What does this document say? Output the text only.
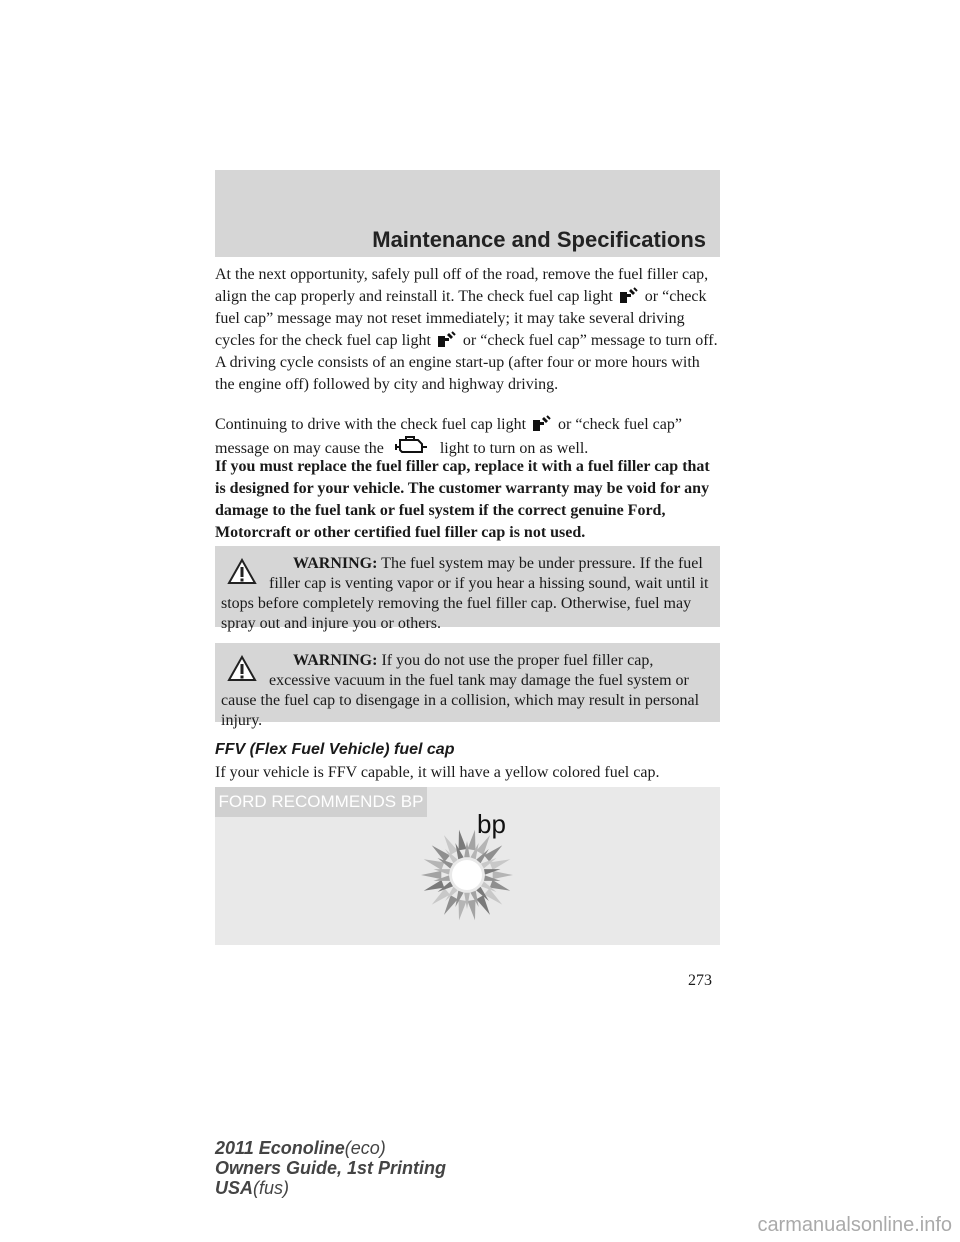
Maintenance and Specifications

At the next opportunity, safely pull off of the road, remove the fuel filler cap, align the cap properly and reinstall it. The check fuel cap light or “check fuel cap” message may not reset immediately; it may take several driving cycles for the check fuel cap light or “check fuel cap” message to turn off. A driving cycle consists of an engine start-up (after four or more hours with the engine off) followed by city and highway driving.

Continuing to drive with the check fuel cap light or “check fuel cap” message on may cause the	light to turn on as well.

If you must replace the fuel filler cap, replace it with a fuel filler cap that is designed for your vehicle. The customer warranty may be void for any damage to the fuel tank or fuel system if the correct genuine Ford, Motorcraft or other certified fuel filler cap is not used.

WARNING: The fuel system may be under pressure. If the fuel filler cap is venting vapor or if you hear a hissing sound, wait until it stops before completely removing the fuel filler cap. Otherwise, fuel may spray out and injure you or others.
WARNING: If you do not use the proper fuel filler cap, excessive vacuum in the fuel tank may damage the fuel system or cause the fuel cap to disengage in a collision, which may result in personal injury.
FFV (Flex Fuel Vehicle) fuel cap

If your vehicle is FFV capable, it will have a yellow colored fuel cap.

FORD RECOMMENDS BP
bp
273
2011 Econoline(eco)
Owners Guide, 1st Printing
USA(fus)
carmanualsonline.info
